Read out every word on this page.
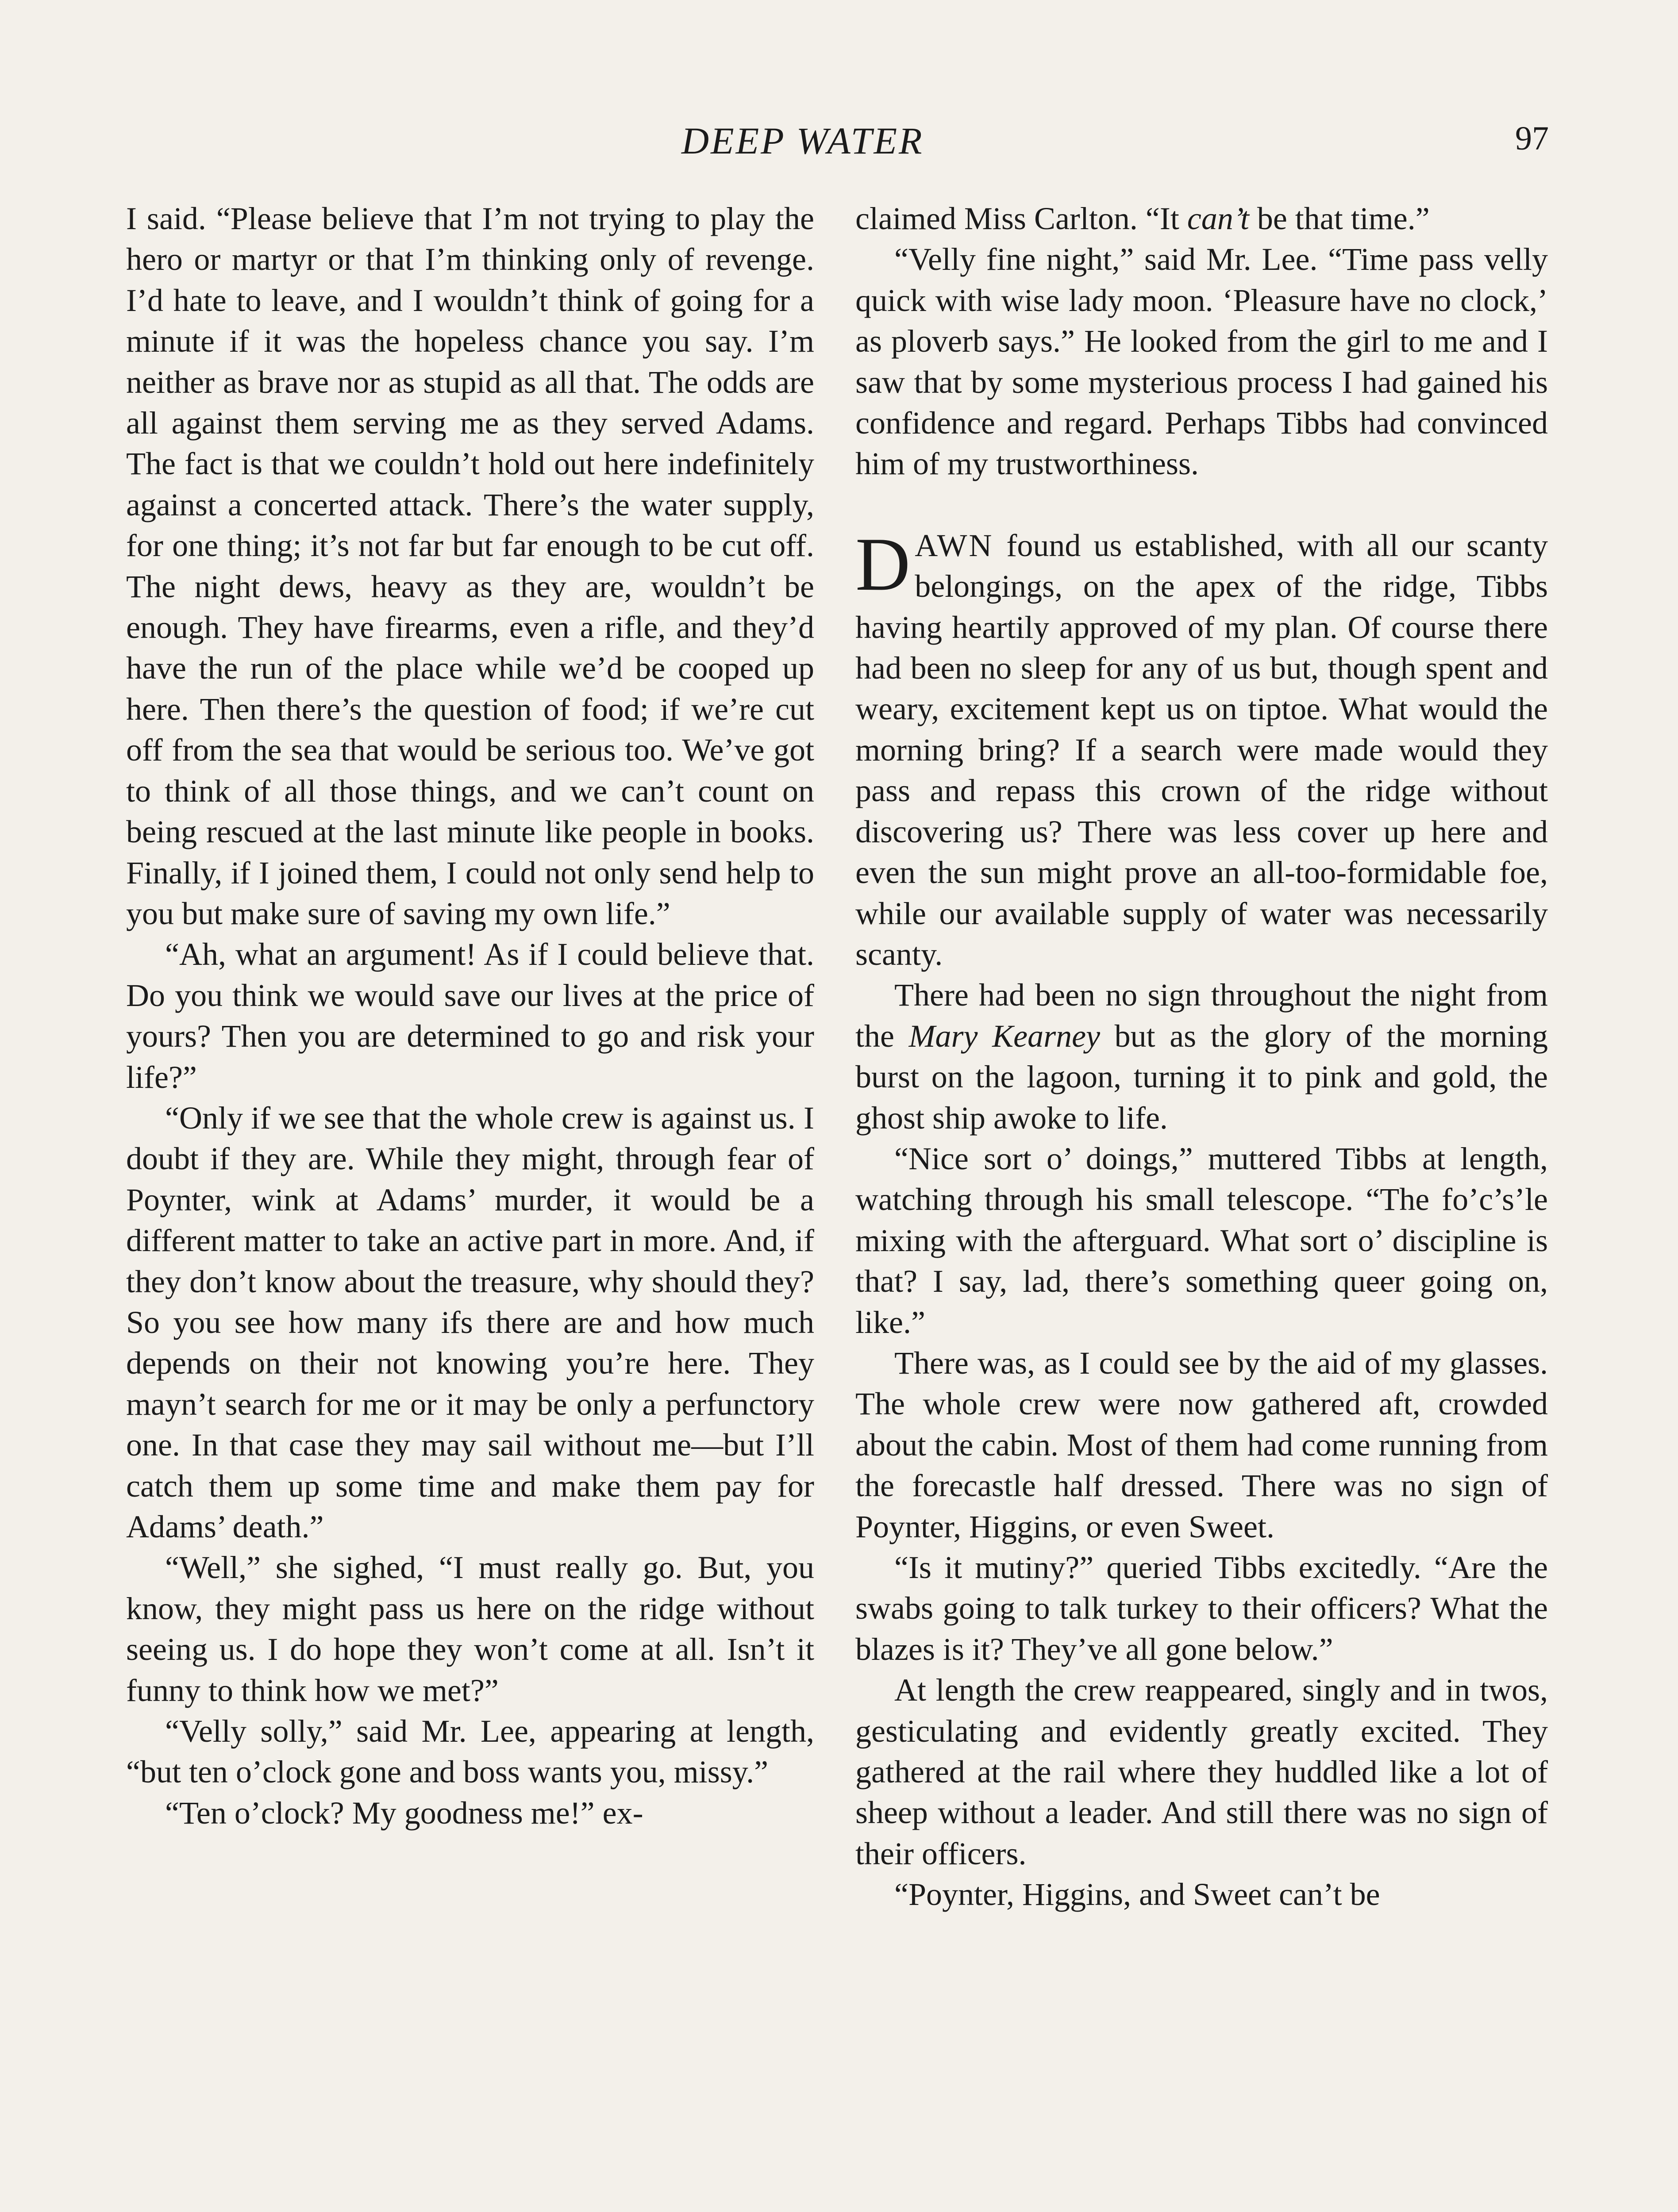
DEEP WATER	97

I said. “Please believe that I’m not trying to play the hero or martyr or that I’m thinking only of revenge. I’d hate to leave, and I wouldn’t think of going for a minute if it was the hopeless chance you say. I’m neither as brave nor as stupid as all that. The odds are all against them serving me as they served Adams. The fact is that we couldn’t hold out here indefinitely against a concerted attack. There’s the water supply, for one thing; it’s not far but far enough to be cut off. The night dews, heavy as they are, wouldn’t be enough. They have firearms, even a rifle, and they’d have the run of the place while we’d be cooped up here. Then there’s the question of food; if we’re cut off from the sea that would be serious too. We’ve got to think of all those things, and we can’t count on being rescued at the last minute like people in books. Finally, if I joined them, I could not only send help to you but make sure of saving my own life.”

“Ah, what an argument! As if I could believe that. Do you think we would save our lives at the price of yours? Then you are determined to go and risk your life?”

“Only if we see that the whole crew is against us. I doubt if they are. While they might, through fear of Poynter, wink at Adams’ murder, it would be a different matter to take an active part in more. And, if they don’t know about the treasure, why should they? So you see how many ifs there are and how much depends on their not knowing you’re here. They mayn’t search for me or it may be only a perfunctory one. In that case they may sail without me—but I’ll catch them up some time and make them pay for Adams’ death.”

“Well,” she sighed, “I must really go. But, you know, they might pass us here on the ridge without seeing us. I do hope they won’t come at all. Isn’t it funny to think how we met?”

“Velly solly,” said Mr. Lee, appearing at length, “but ten o’clock gone and boss wants you, missy.”

“Ten o’clock? My goodness me!” ex-

claimed Miss Carlton. “It can’t be that time.”

“Velly fine night,” said Mr. Lee. “Time pass velly quick with wise lady moon. ‘Pleasure have no clock,’ as ploverb says.” He looked from the girl to me and I saw that by some mysterious process I had gained his confidence and regard. Perhaps Tibbs had convinced him of my trustworthiness.

DAWN found us established, with all our scanty belongings, on the apex of the ridge, Tibbs having heartily approved of my plan. Of course there had been no sleep for any of us but, though spent and weary, excitement kept us on tiptoe. What would the morning bring? If a search were made would they pass and repass this crown of the ridge without discovering us? There was less cover up here and even the sun might prove an all-too-formidable foe, while our available supply of water was necessarily scanty.

There had been no sign throughout the night from the Mary Kearney but as the glory of the morning burst on the lagoon, turning it to pink and gold, the ghost ship awoke to life.

“Nice sort o’ doings,” muttered Tibbs at length, watching through his small telescope. “The fo’c’s’le mixing with the afterguard. What sort o’ discipline is that? I say, lad, there’s something queer going on, like.”

There was, as I could see by the aid of my glasses. The whole crew were now gathered aft, crowded about the cabin. Most of them had come running from the forecastle half dressed. There was no sign of Poynter, Higgins, or even Sweet.

“Is it mutiny?” queried Tibbs excitedly. “Are the swabs going to talk turkey to their officers? What the blazes is it? They’ve all gone below.”

At length the crew reappeared, singly and in twos, gesticulating and evidently greatly excited. They gathered at the rail where they huddled like a lot of sheep without a leader. And still there was no sign of their officers.

“Poynter, Higgins, and Sweet can’t be
